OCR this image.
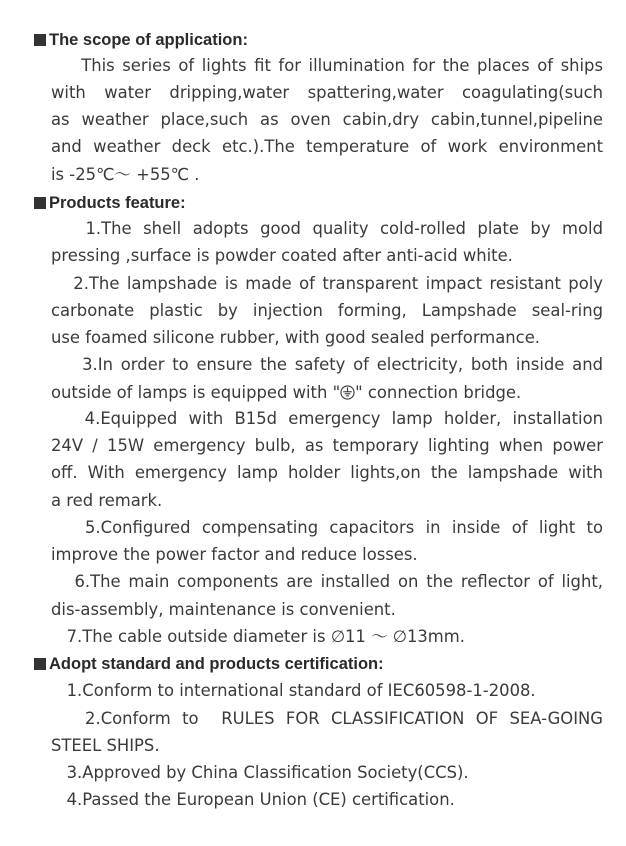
The scope of application:
This series of lights fit for illumination for the places of ships
with water dripping,water spattering,water coagulating(such
as weather place,such as oven cabin,dry cabin,tunnel,pipeline
and weather deck etc.).The temperature of work environment
is -25℃～ +55℃ .
Products feature:
1.The shell adopts good quality cold-rolled plate by mold
pressing ,surface is powder coated after anti-acid white.
2.The lampshade is made of transparent impact resistant poly
carbonate plastic by injection forming, Lampshade seal-ring
use foamed silicone rubber, with good sealed performance.
3.In order to ensure the safety of electricity, both inside and
outside of lamps is equipped with " " connection bridge.
4.Equipped with B15d emergency lamp holder, installation
24V / 15W emergency bulb, as temporary lighting when power
off. With emergency lamp holder lights,on the lampshade with
a red remark.
5.Configured compensating capacitors in inside of light to
improve the power factor and reduce losses.
6.The main components are installed on the reflector of light,
dis-assembly, maintenance is convenient.
7.The cable outside diameter is ∅11 ～ ∅13mm.
Adopt standard and products certification:
1.Conform to international standard of IEC60598-1-2008.
2.Conform to  RULES FOR CLASSIFICATION OF SEA-GOING
STEEL SHIPS.
3.Approved by China Classification Society(CCS).
4.Passed the European Union (CE) certification.
